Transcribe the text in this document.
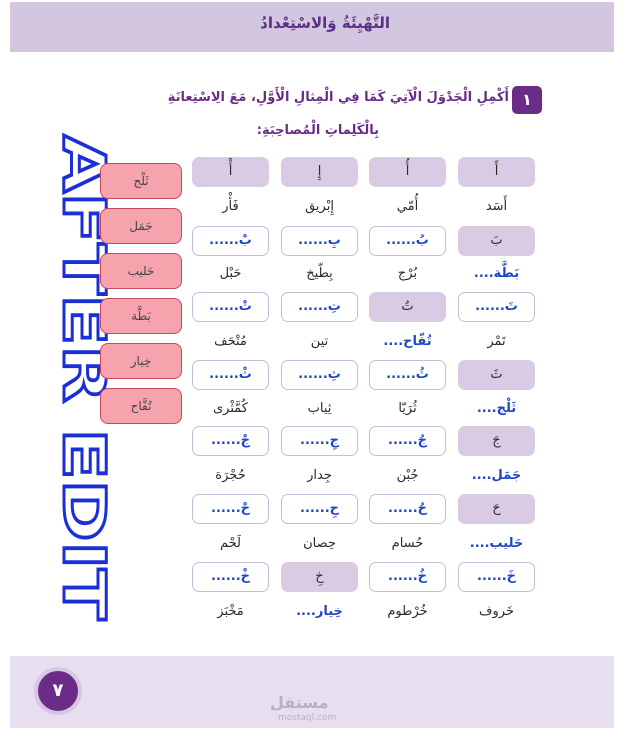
التَّهْيِئَةُ وَالاسْتِعْدادُ
١
أَكْمِلِ الْجَدْوَلَ الْآتِيَ كَمَا فِي الْمِثالِ الْأَوَّلِ، مَعَ الِاسْتِعانَةِ
بِالْكَلِماتِ الْمُصاحِبَةِ:
AFTER EDIT	ثَلْج
جَمَل
حَليب
بَطَّة
خِيار
تُفَّاح
أَ
أَسَد
بَ
بَطَّة....
تَ......
تَمْر
ثَ
ثَلْج....
جَ
جَمَل....
حَ
حَليب....
خَ......
خَروف
أُ
أُمّي
بُ......
بُرْج
تُ
تُفّاح....
ثُ......
ثُرَيّا
جُ......
جُبْن
حُ......
حُسام
خُ......
خُرْطوم
إِ
إِبْريق
بِ......
بِطّيخ
تِ......
تين
ثِ......
ثِياب
جِ......
جِدار
حِ......
حِصان
خِ
خِيار....
أْ
فَأْر
بْ......
حَبْل
تْ......
مُتْحَف
ثْ......
كُمَّثْرى
جْ......
حُجْرَة
حْ......
لَحْم
خْ......
مَخْبَز
٧
مستقل
mostaql.com
